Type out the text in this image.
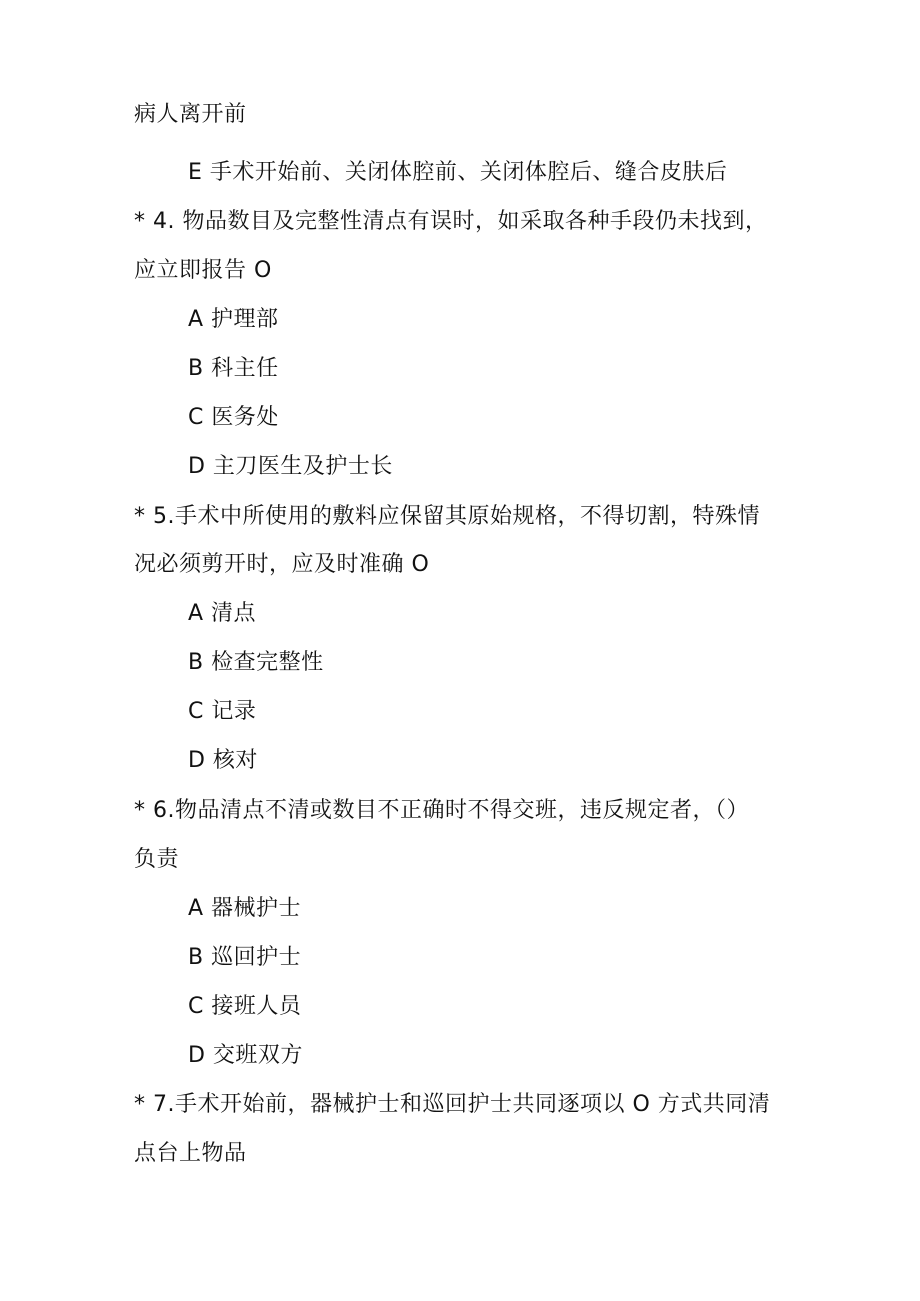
病人离开前
E 手术开始前、关闭体腔前、关闭体腔后、缝合皮肤后
* 4. 物品数目及完整性清点有误时，如采取各种手段仍未找到，
应立即报告 O
A 护理部
B 科主任
C 医务处
D 主刀医生及护士长
* 5.手术中所使用的敷料应保留其原始规格，不得切割，特殊情
况必须剪开时，应及时准确 O
A 清点
B 检查完整性
C 记录
D 核对
* 6.物品清点不清或数目不正确时不得交班，违反规定者，（）
负责
A 器械护士
B 巡回护士
C 接班人员
D 交班双方
* 7.手术开始前，器械护士和巡回护士共同逐项以 O 方式共同清
点台上物品
